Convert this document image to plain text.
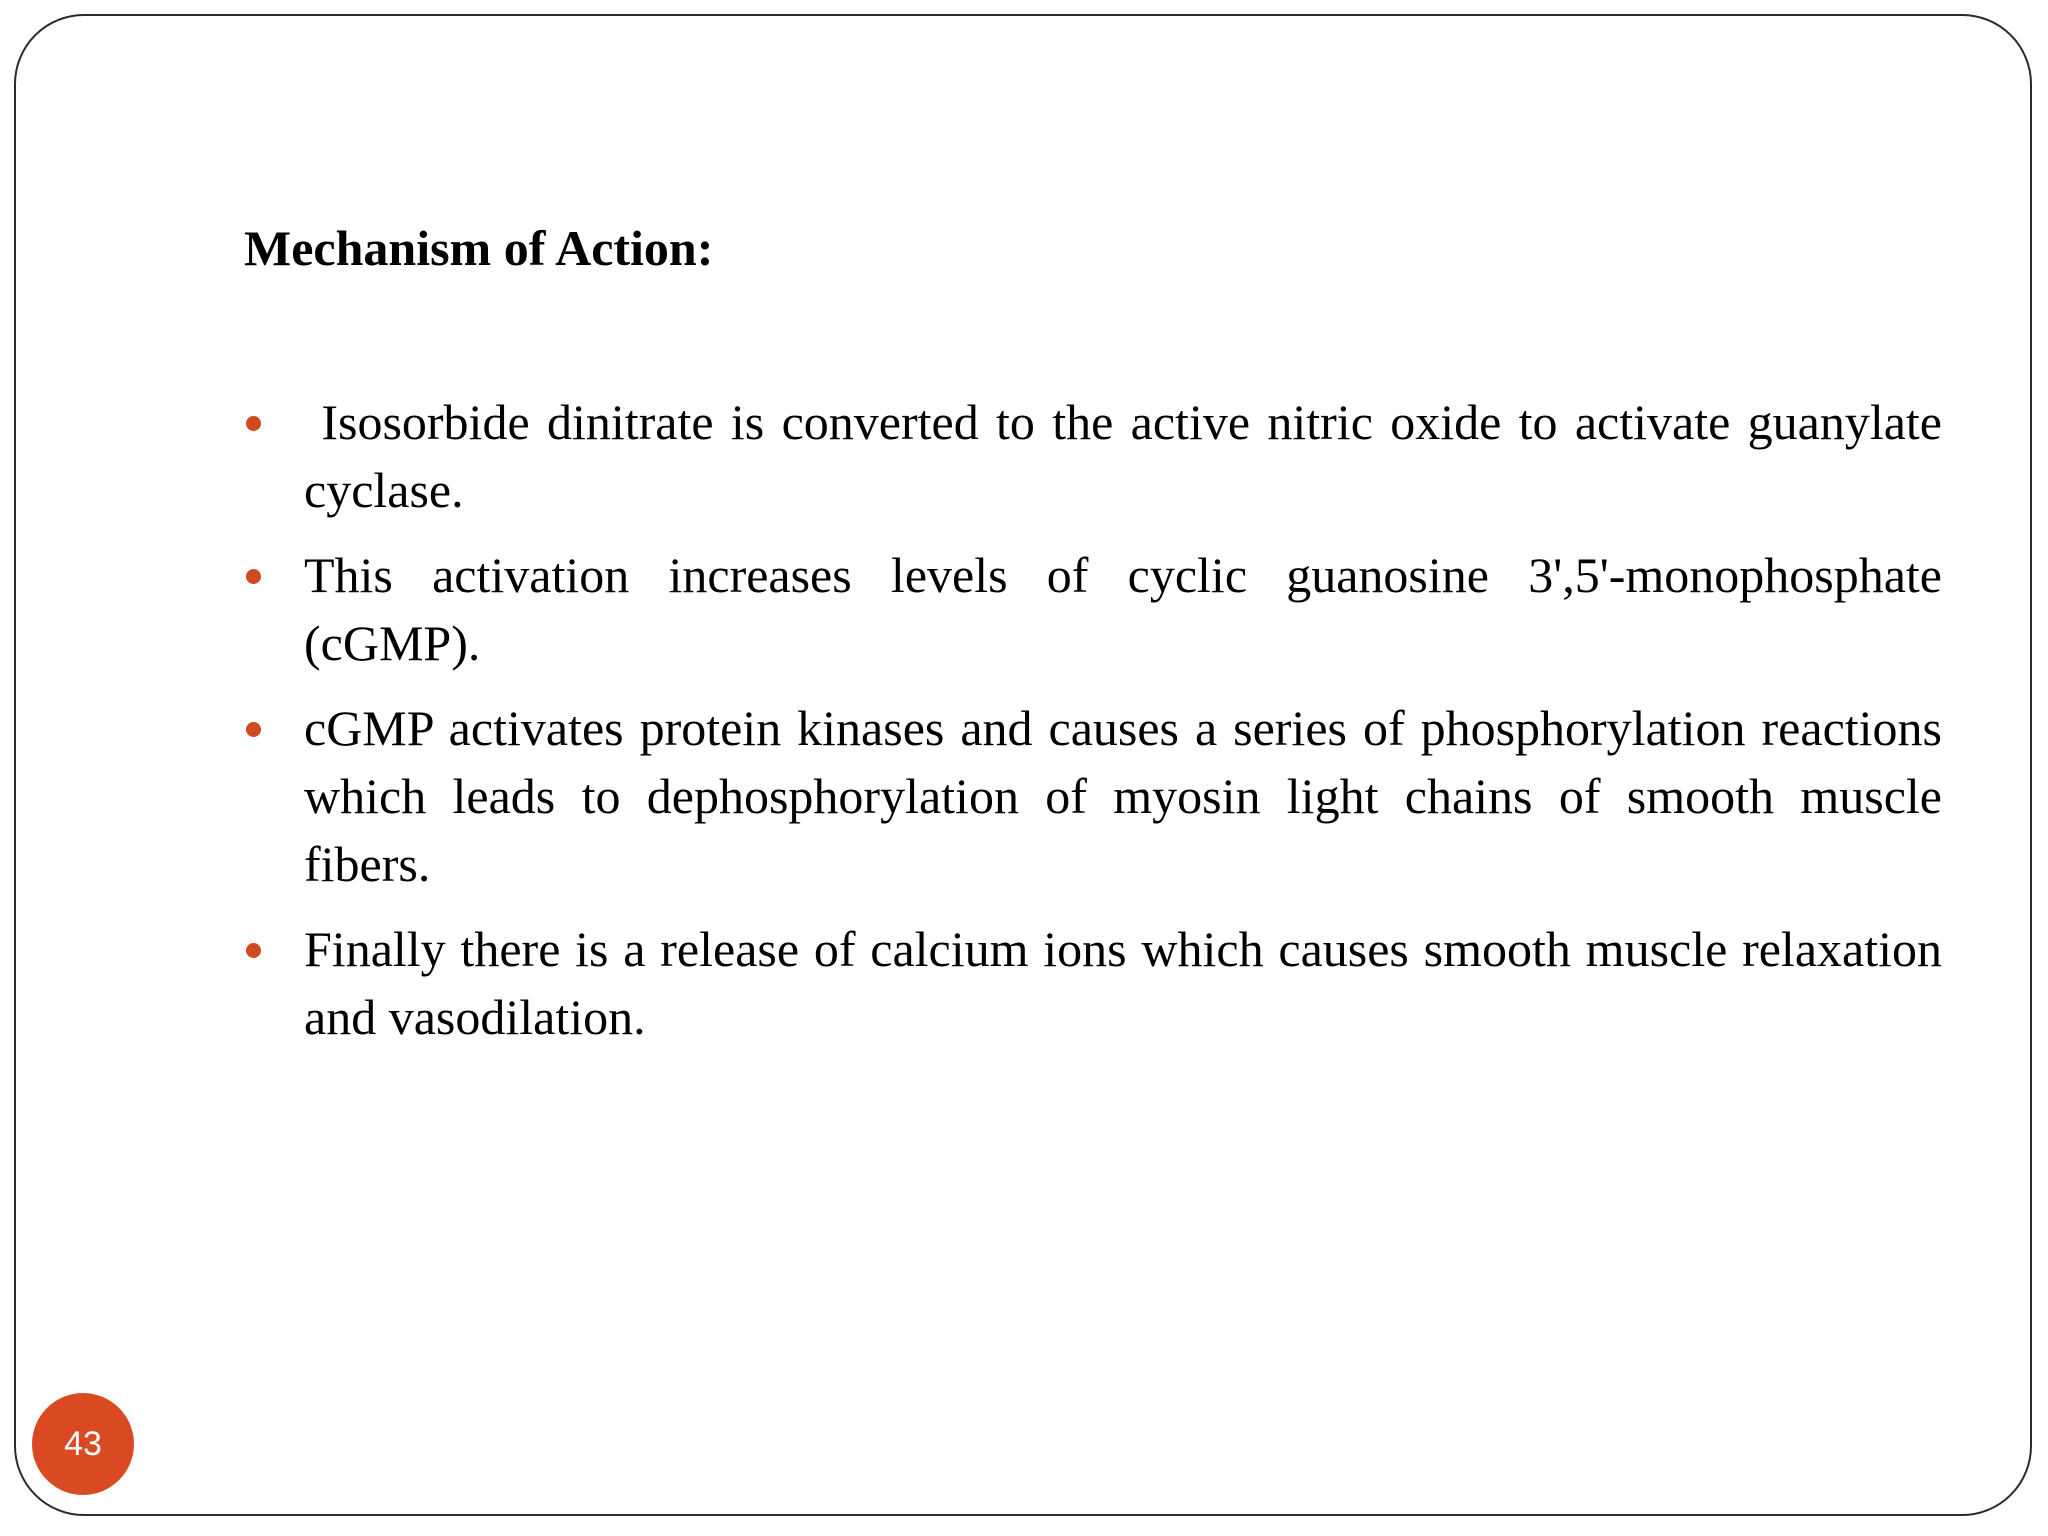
Mechanism of Action:
Isosorbide dinitrate is converted to the active nitric oxide to activate guanylate cyclase.
This activation increases levels of cyclic guanosine 3',5'-monophosphate (cGMP).
cGMP activates protein kinases and causes a series of phosphorylation reactions which leads to dephosphorylation of myosin light chains of smooth muscle fibers.
Finally there is a release of calcium ions which causes smooth muscle relaxation and vasodilation.
43
